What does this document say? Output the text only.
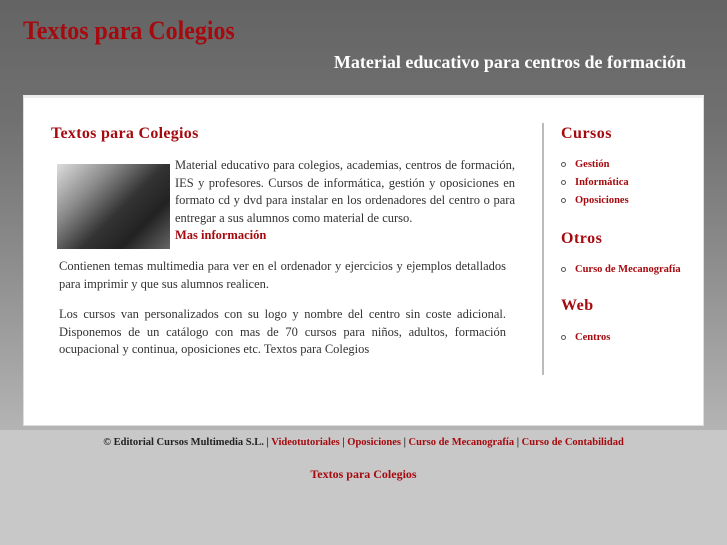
Textos para Colegios
Material educativo para centros de formación
Textos para Colegios

Material educativo para colegios, academias, centros de formación, IES y profesores. Cursos de informática, gestión y oposiciones en formato cd y dvd para instalar en los ordenadores del centro o para entregar a sus alumnos como material de curso.
Mas información

Contienen temas multimedia para ver en el ordenador y ejercicios y ejemplos detallados para imprimir y que sus alumnos realicen.

Los cursos van personalizados con su logo y nombre del centro sin coste adicional. Disponemos de un catálogo con mas de 70 cursos para niños, adultos, formación ocupacional y continua, oposiciones etc. Textos para Colegios

Cursos
Gestión
Informática
Oposiciones
Otros
Curso de Mecanografía
Web
Centros
© Editorial Cursos Multimedia S.L. | Videotutoriales | Oposiciones | Curso de Mecanografía | Curso de Contabilidad
Textos para Colegios
